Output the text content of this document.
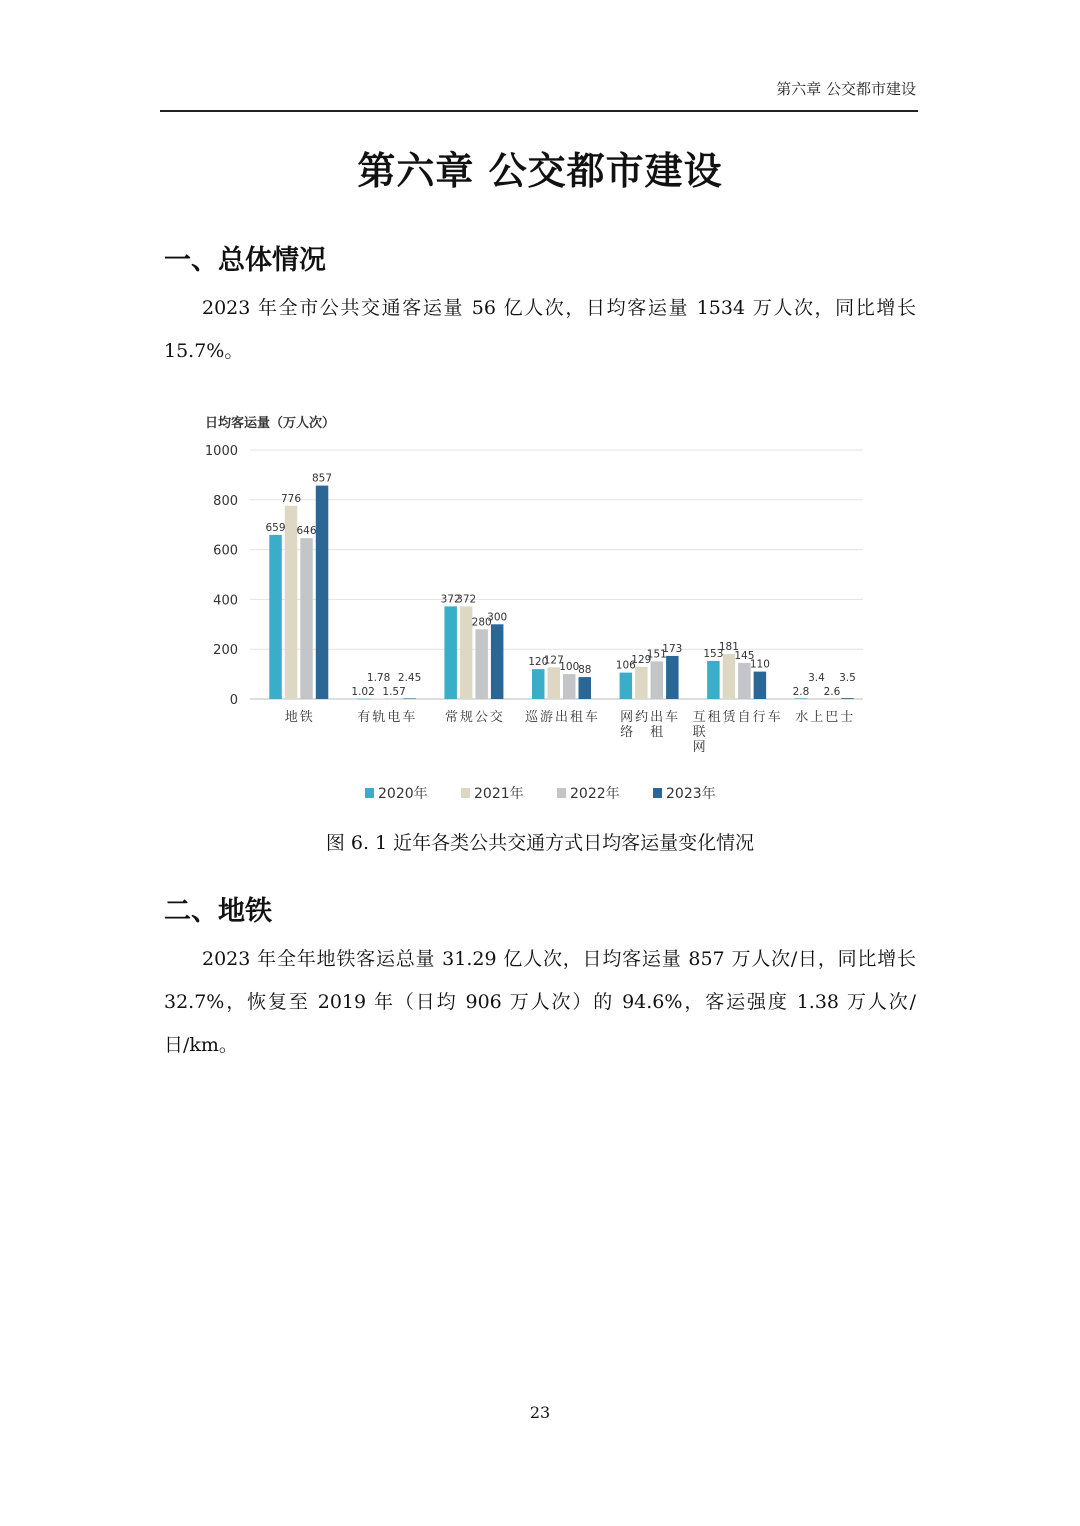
第六章 公交都市建设
第六章 公交都市建设
一、总体情况

2023 年全市公共交通客运量 56 亿人次，日均客运量 1534 万人次，同比增长 15.7%。

日均客运量（万人次）
1000
800
600
400
200
0
659
776
646
857
1.02
1.78
1.57
2.45
372
372
280
300
120
127
100
88 106
129
151
173 153
181
145
110
2.8
3.4
2.6
3.5
地 铁	有 轨 电 车 常 规 公 交 巡 游 出 租 车 网
络
约 出
租
车 互
联
网
租 赁 自 行 车 水 上 巴 士
2020年	2021年	2022年	2023年
图 6. 1 近年各类公共交通方式日均客运量变化情况
二、地铁

2023 年全年地铁客运总量 31.29 亿人次，日均客运量 857 万人次/日，同比增长 32.7%，恢复至 2019 年（日均 906 万人次）的 94.6%，客运强度 1.38 万人次/日/km。

23
